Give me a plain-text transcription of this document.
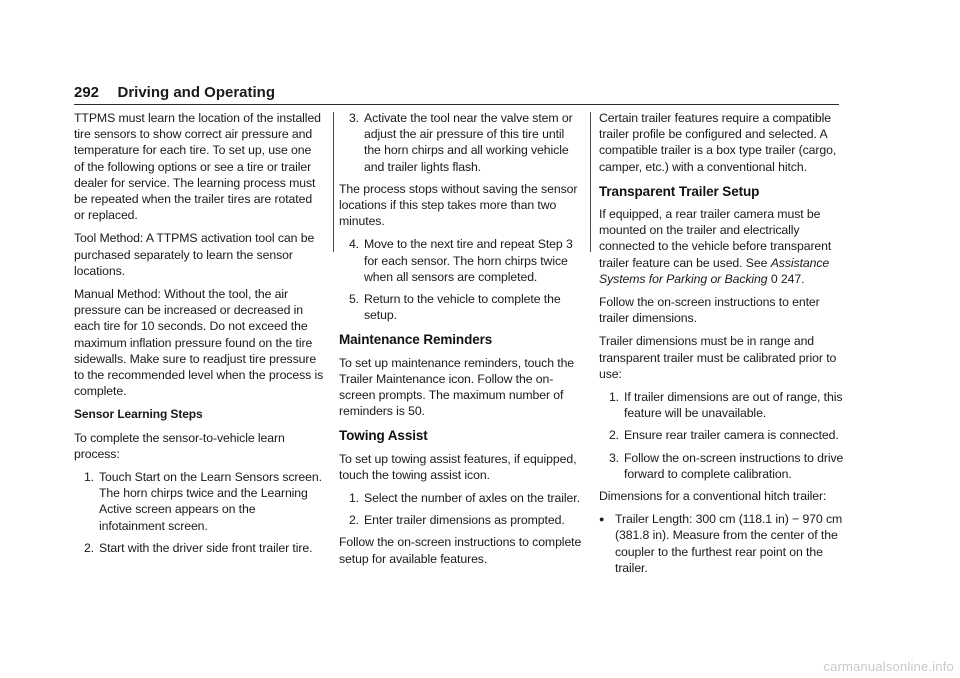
292 Driving and Operating

TTPMS must learn the location of the installed tire sensors to show correct air pressure and temperature for each tire. To set up, use one of the following options or see a tire or trailer dealer for service. The learning process must be repeated when the trailer tires are rotated or replaced.

Tool Method: A TTPMS activation tool can be purchased separately to learn the sensor locations.

Manual Method: Without the tool, the air pressure can be increased or decreased in each tire for 10 seconds. Do not exceed the maximum inflation pressure found on the tire sidewalls. Make sure to readjust tire pressure to the recommended level when the process is complete.

Sensor Learning Steps

To complete the sensor-to-vehicle learn process:

1. Touch Start on the Learn Sensors screen. The horn chirps twice and the Learning Active screen appears on the infotainment screen.
2. Start with the driver side front trailer tire.
3. Activate the tool near the valve stem or adjust the air pressure of this tire until the horn chirps and all working vehicle and trailer lights flash.

The process stops without saving the sensor locations if this step takes more than two minutes.

4. Move to the next tire and repeat Step 3 for each sensor. The horn chirps twice when all sensors are completed.
5. Return to the vehicle to complete the setup.
Maintenance Reminders

To set up maintenance reminders, touch the Trailer Maintenance icon. Follow the on-screen prompts. The maximum number of reminders is 50.

Towing Assist

To set up towing assist features, if equipped, touch the towing assist icon.

1. Select the number of axles on the trailer.
2. Enter trailer dimensions as prompted.

Follow the on-screen instructions to complete setup for available features.

Certain trailer features require a compatible trailer profile be configured and selected. A compatible trailer is a box type trailer (cargo, camper, etc.) with a conventional hitch.

Transparent Trailer Setup

If equipped, a rear trailer camera must be mounted on the trailer and electrically connected to the vehicle before transparent trailer feature can be used. See Assistance Systems for Parking or Backing 0 247.

Follow the on-screen instructions to enter trailer dimensions.

Trailer dimensions must be in range and transparent trailer must be calibrated prior to use:

1. If trailer dimensions are out of range, this feature will be unavailable.
2. Ensure rear trailer camera is connected.
3. Follow the on-screen instructions to drive forward to complete calibration.

Dimensions for a conventional hitch trailer:

● Trailer Length: 300 cm (118.1 in) − 970 cm (381.8 in). Measure from the center of the coupler to the furthest rear point on the trailer.
carmanualsonline.info
